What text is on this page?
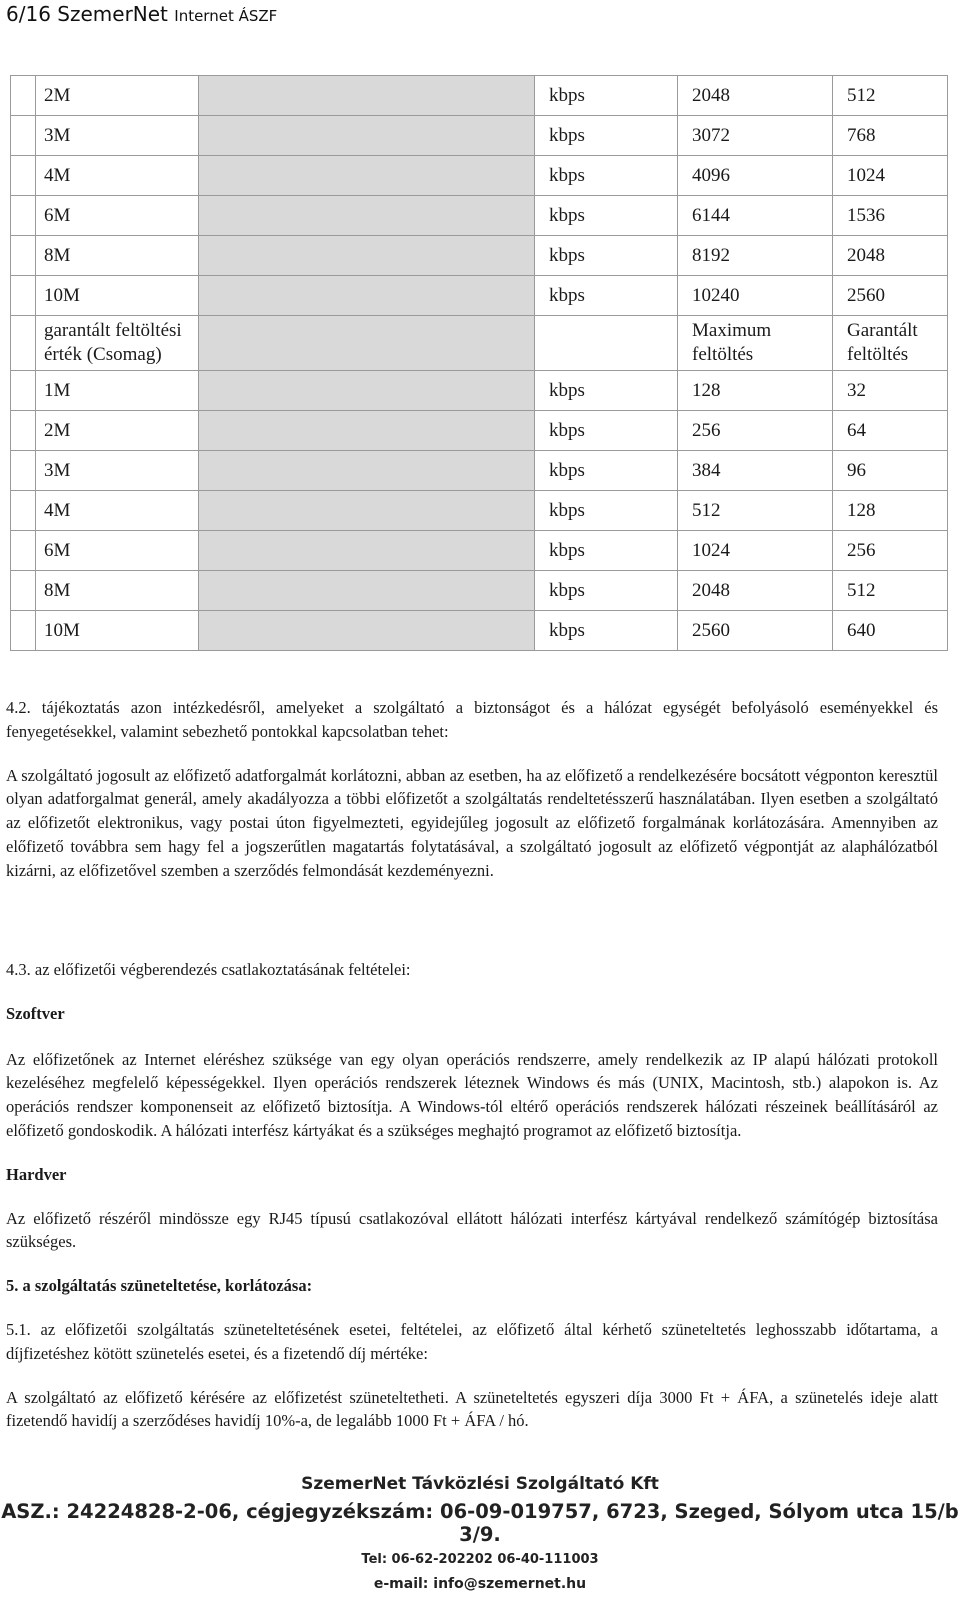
6/16 SzemerNet Internet ÁSZF
	2M		kbps	2048	512
	3M		kbps	3072	768
	4M		kbps	4096	1024
	6M		kbps	6144	1536
	8M		kbps	8192	2048
	10M		kbps	10240	2560
	garantált feltöltési érték (Csomag)			Maximum feltöltés	Garantált feltöltés
	1M		kbps	128	32
	2M		kbps	256	64
	3M		kbps	384	96
	4M		kbps	512	128
	6M		kbps	1024	256
	8M		kbps	2048	512
	10M		kbps	2560	640

4.2. tájékoztatás azon intézkedésről, amelyeket a szolgáltató a biztonságot és a hálózat egységét befolyásoló eseményekkel és fenyegetésekkel, valamint sebezhető pontokkal kapcsolatban tehet:

A szolgáltató jogosult az előfizető adatforgalmát korlátozni, abban az esetben, ha az előfizető a rendelkezésére bocsátott végponton keresztül olyan adatforgalmat generál, amely akadályozza a többi előfizetőt a szolgáltatás rendeltetésszerű használatában. Ilyen esetben a szolgáltató az előfizetőt elektronikus, vagy postai úton figyelmezteti, egyidejűleg jogosult az előfizető forgalmának korlátozására. Amennyiben az előfizető továbbra sem hagy fel a jogszerűtlen magatartás folytatásával, a szolgáltató jogosult az előfizető végpontját az alaphálózatból kizárni, az előfizetővel szemben a szerződés felmondását kezdeményezni.

4.3. az előfizetői végberendezés csatlakoztatásának feltételei:

Szoftver

Az előfizetőnek az Internet eléréshez szüksége van egy olyan operációs rendszerre, amely rendelkezik az IP alapú hálózati protokoll kezeléséhez megfelelő képességekkel. Ilyen operációs rendszerek léteznek Windows és más (UNIX, Macintosh, stb.) alapokon is. Az operációs rendszer komponenseit az előfizető biztosítja. A Windows-tól eltérő operációs rendszerek hálózati részeinek beállításáról az előfizető gondoskodik. A hálózati interfész kártyákat és a szükséges meghajtó programot az előfizető biztosítja.

Hardver

Az előfizető részéről mindössze egy RJ45 típusú csatlakozóval ellátott hálózati interfész kártyával rendelkező számítógép biztosítása szükséges.

5. a szolgáltatás szüneteltetése, korlátozása:

5.1. az előfizetői szolgáltatás szüneteltetésének esetei, feltételei, az előfizető által kérhető szüneteltetés leghosszabb időtartama, a díjfizetéshez kötött szünetelés esetei, és a fizetendő díj mértéke:

A szolgáltató az előfizető kérésére az előfizetést szüneteltetheti. A szüneteltetés egyszeri díja 3000 Ft + ÁFA, a szünetelés ideje alatt fizetendő havidíj a szerződéses havidíj 10%-a, de legalább 1000 Ft + ÁFA / hó.

SzemerNet Távközlési Szolgáltató Kft
ASZ.: 24224828-2-06, cégjegyzékszám: 06-09-019757, 6723, Szeged, Sólyom utca 15/b 3/9.
Tel: 06-62-202202 06-40-111003
e-mail: info@szemernet.hu
